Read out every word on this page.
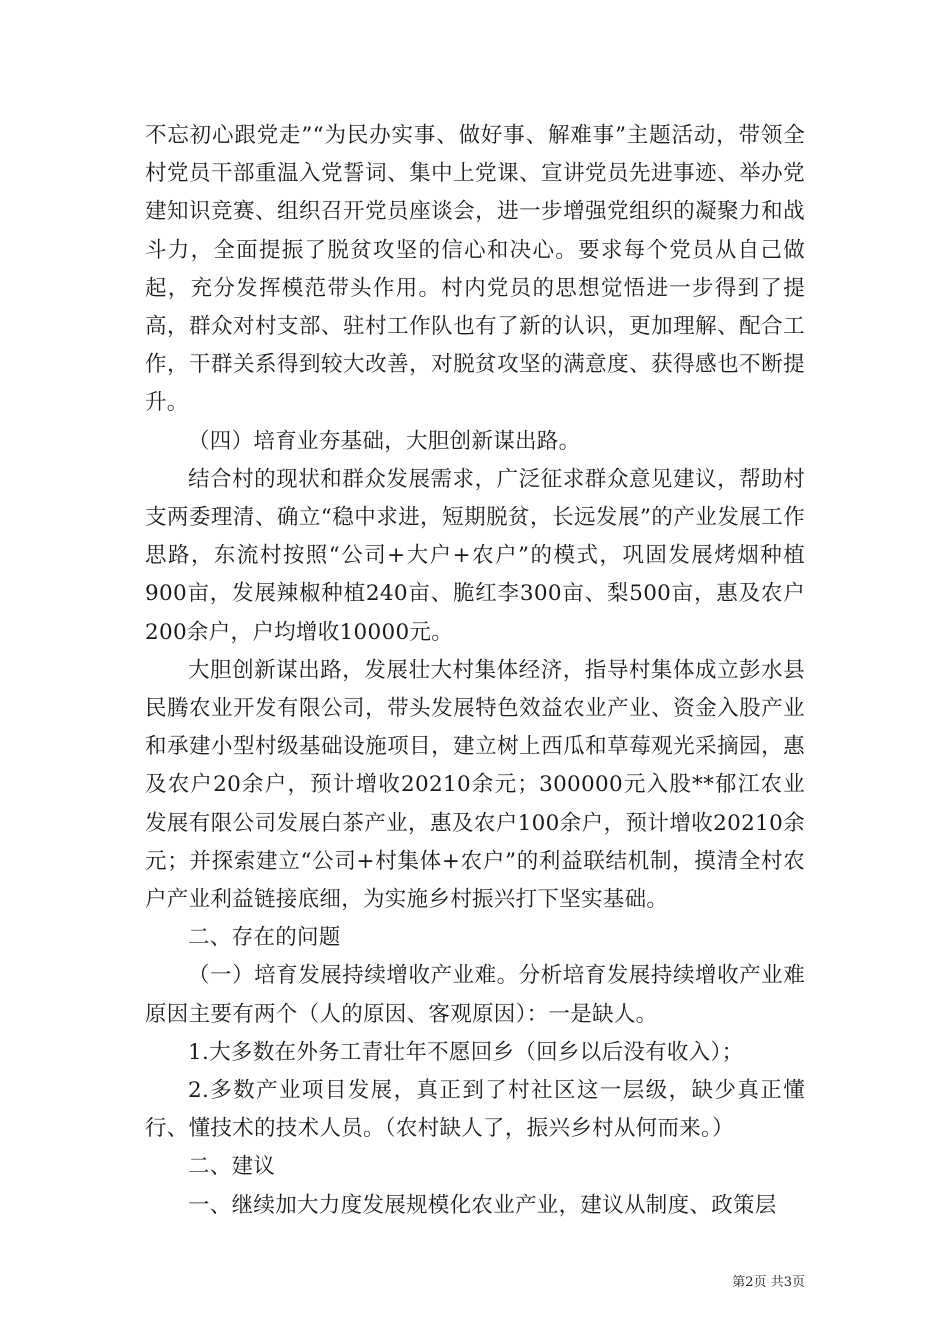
不忘初心跟党走”“为民办实事、做好事、解难事”主题活动，带领全村党员干部重温入党誓词、集中上党课、宣讲党员先进事迹、举办党建知识竞赛、组织召开党员座谈会，进一步增强党组织的凝聚力和战斗力，全面提振了脱贫攻坚的信心和决心。要求每个党员从自己做起，充分发挥模范带头作用。村内党员的思想觉悟进一步得到了提高，群众对村支部、驻村工作队也有了新的认识，更加理解、配合工作，干群关系得到较大改善，对脱贫攻坚的满意度、获得感也不断提升。

（四）培育业夯基础，大胆创新谋出路。

结合村的现状和群众发展需求，广泛征求群众意见建议，帮助村支两委理清、确立“稳中求进，短期脱贫，长远发展”的产业发展工作思路，东流村按照“公司+大户+农户”的模式，巩固发展烤烟种植900亩，发展辣椒种植240亩、脆红李300亩、梨500亩，惠及农户200余户，户均增收10000元。

大胆创新谋出路，发展壮大村集体经济，指导村集体成立彭水县民腾农业开发有限公司，带头发展特色效益农业产业、资金入股产业和承建小型村级基础设施项目，建立树上西瓜和草莓观光采摘园，惠及农户20余户，预计增收20210余元；300000元入股**郁江农业发展有限公司发展白茶产业，惠及农户100余户，预计增收20210余元；并探索建立“公司+村集体+农户”的利益联结机制，摸清全村农户产业利益链接底细，为实施乡村振兴打下坚实基础。

二、存在的问题

（一）培育发展持续增收产业难。分析培育发展持续增收产业难原因主要有两个（人的原因、客观原因）：一是缺人。

1.大多数在外务工青壮年不愿回乡（回乡以后没有收入）；

2.多数产业项目发展，真正到了村社区这一层级，缺少真正懂行、懂技术的技术人员。（农村缺人了，振兴乡村从何而来。）

二、建议

一、继续加大力度发展规模化农业产业，建议从制度、政策层

第2页 共3页
